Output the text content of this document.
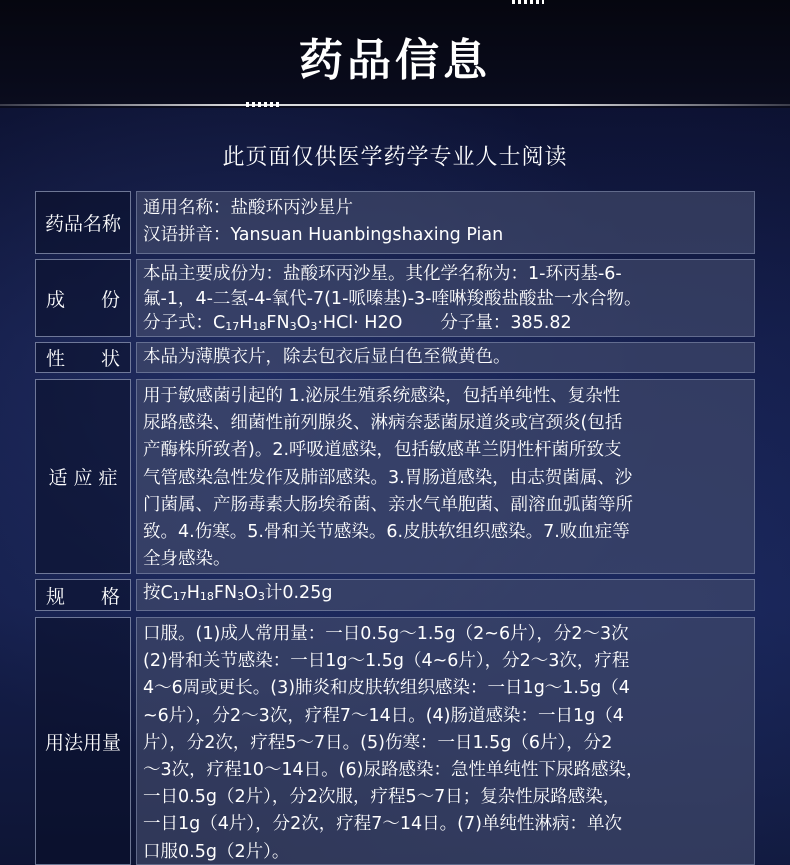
药品信息
此页面仅供医学药学专业人士阅读
药品名称
通用名称：盐酸环丙沙星片
汉语拼音：Yansuan Huanbingshaxing Pian
成 份
本品主要成份为：盐酸环丙沙星。其化学名称为：1-环丙基-6-
氟-1，4-二氢-4-氧代-7(1-哌嗪基)-3-喹啉羧酸盐酸盐一水合物。
分子式：C17H18FN3O3·HCl· H2O 分子量：385.82
性 状 本品为薄膜衣片，除去包衣后显白色至微黄色。
适 应 症
用于敏感菌引起的 1.泌尿生殖系统感染，包括单纯性、复杂性
尿路感染、细菌性前列腺炎、淋病奈瑟菌尿道炎或宫颈炎(包括
产酶株所致者)。2.呼吸道感染，包括敏感革兰阴性杆菌所致支
气管感染急性发作及肺部感染。3.胃肠道感染，由志贺菌属、沙
门菌属、产肠毒素大肠埃希菌、亲水气单胞菌、副溶血弧菌等所
致。4.伤寒。5.骨和关节感染。6.皮肤软组织感染。7.败血症等
全身感染。
规 格 按C17H18FN3O3计0.25g
用法用量
口服。(1)成人常用量：一日0.5g～1.5g（2~6片），分2～3次
(2)骨和关节感染：一日1g～1.5g（4~6片），分2～3次，疗程
4～6周或更长。(3)肺炎和皮肤软组织感染：一日1g～1.5g（4
~6片），分2～3次，疗程7～14日。(4)肠道感染：一日1g（4
片），分2次，疗程5～7日。(5)伤寒：一日1.5g（6片），分2
～3次，疗程10～14日。(6)尿路感染：急性单纯性下尿路感染，
一日0.5g（2片），分2次服，疗程5～7日；复杂性尿路感染，
一日1g（4片），分2次，疗程7～14日。(7)单纯性淋病：单次
口服0.5g（2片）。
